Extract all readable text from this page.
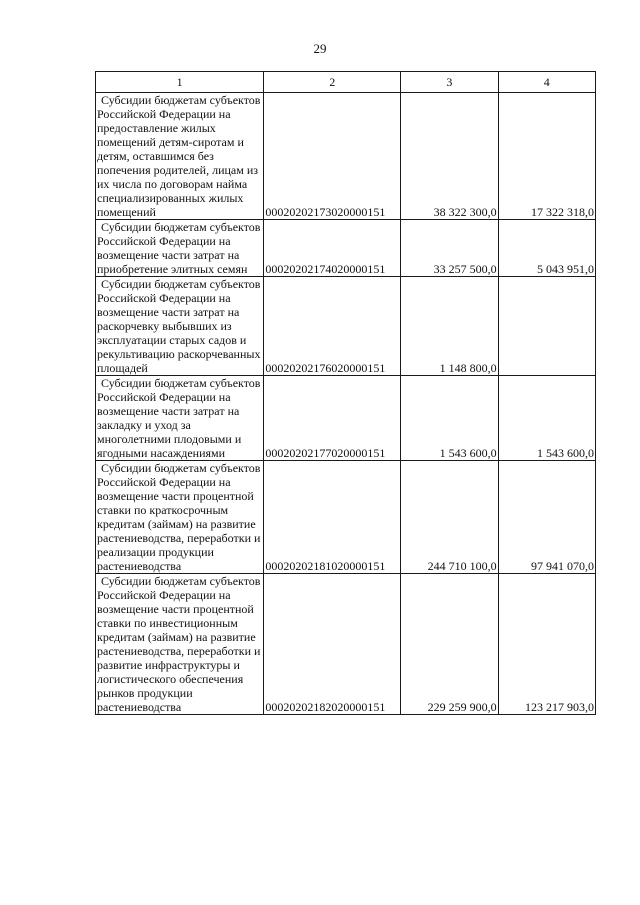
29
1	2	3	4

Субсидии бюджетам субъектов Российской Федерации на предоставление жилых помещений детям-сиротам и детям, оставшимся без попечения родителей, лицам из их числа по договорам найма специализированных жилых помещений	00020202173020000151	38 322 300,0	17 322 318,0

Субсидии бюджетам субъектов Российской Федерации на возмещение части затрат на приобретение элитных семян	00020202174020000151	33 257 500,0	5 043 951,0

Субсидии бюджетам субъектов Российской Федерации на возмещение части затрат на раскорчевку выбывших из эксплуатации старых садов и рекультивацию раскорчеванных площадей	00020202176020000151	1 148 800,0	

Субсидии бюджетам субъектов Российской Федерации на возмещение части затрат на закладку и уход за многолетними плодовыми и ягодными насаждениями	00020202177020000151	1 543 600,0	1 543 600,0

Субсидии бюджетам субъектов Российской Федерации на возмещение части процентной ставки по краткосрочным кредитам (займам) на развитие растениеводства, переработки и реализации продукции растениеводства	00020202181020000151	244 710 100,0	97 941 070,0

Субсидии бюджетам субъектов Российской Федерации на возмещение части процентной ставки по инвестиционным кредитам (займам) на развитие растениеводства, переработки и развитие инфраструктуры и логистического обеспечения рынков продукции растениеводства	00020202182020000151	229 259 900,0	123 217 903,0
